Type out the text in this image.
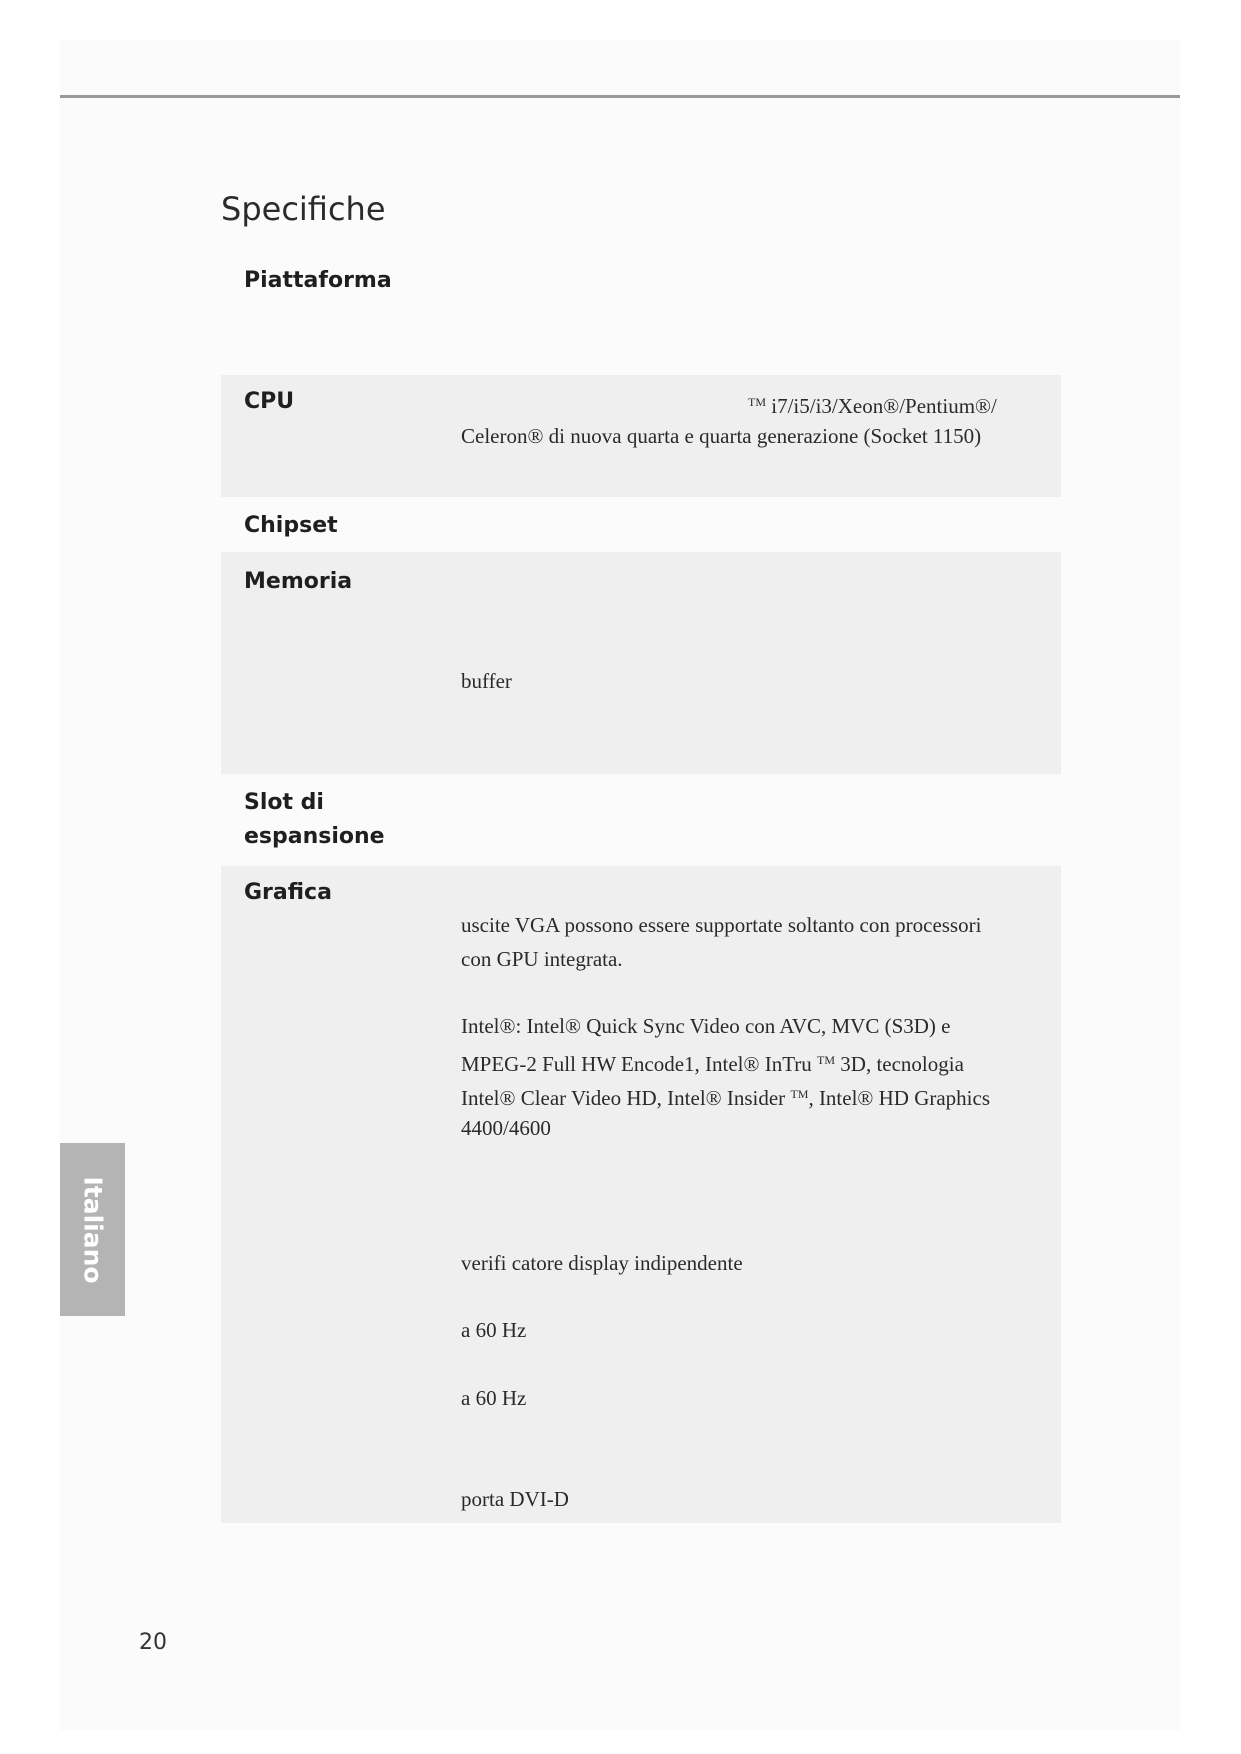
Specifiche
Piattaforma
CPU	™ i7/i5/i3/Xeon®/Pentium®/
Celeron® di nuova quarta e quarta generazione (Socket 1150)
Chipset
Memoria
buffer
Slot di
espansione
Grafica
uscite VGA possono essere supportate soltanto con processori
con GPU integrata.
Intel®: Intel® Quick Sync Video con AVC, MVC (S3D) e
MPEG-2 Full HW Encode1, Intel® InTru ™ 3D, tecnologia
Intel® Clear Video HD, Intel® Insider ™, Intel® HD Graphics
4400/4600
verifi catore display indipendente
a 60 Hz
a 60 Hz
porta DVI-D
Italiano
20
